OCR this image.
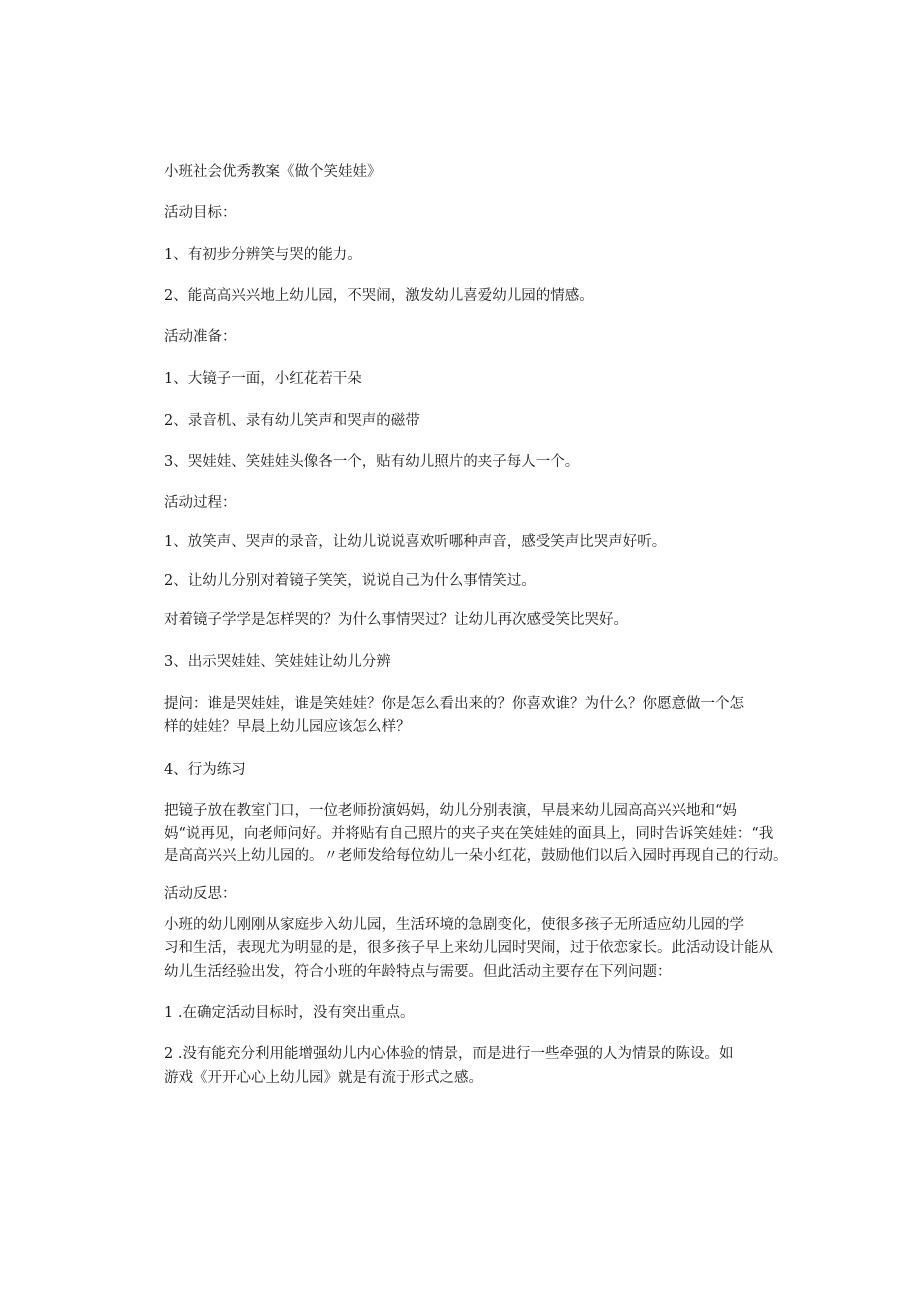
小班社会优秀教案《做个笑娃娃》
活动目标：
1、有初步分辨笑与哭的能力。
2、能高高兴兴地上幼儿园，不哭闹，激发幼儿喜爱幼儿园的情感。
活动准备：
1、大镜子一面，小红花若干朵
2、录音机、录有幼儿笑声和哭声的磁带
3、哭娃娃、笑娃娃头像各一个，贴有幼儿照片的夹子每人一个。
活动过程：
1、放笑声、哭声的录音，让幼儿说说喜欢听哪种声音，感受笑声比哭声好听。
2、让幼儿分别对着镜子笑笑，说说自己为什么事情笑过。
对着镜子学学是怎样哭的？为什么事情哭过？让幼儿再次感受笑比哭好。
3、出示哭娃娃、笑娃娃让幼儿分辨
提问：谁是哭娃娃，谁是笑娃娃？你是怎么看出来的？你喜欢谁？为什么？你愿意做一个怎
样的娃娃？早晨上幼儿园应该怎么样？
4、行为练习
把镜子放在教室门口，一位老师扮演妈妈，幼儿分别表演，早晨来幼儿园高高兴兴地和“妈
妈“说再见，向老师问好。并将贴有自己照片的夹子夹在笑娃娃的面具上，同时告诉笑娃娃：“我
是高高兴兴上幼儿园的。〃老师发给每位幼儿一朵小红花，鼓励他们以后入园时再现自己的行动。
活动反思：
小班的幼儿刚刚从家庭步入幼儿园，生活环境的急剧变化，使很多孩子无所适应幼儿园的学
习和生活，表现尤为明显的是，很多孩子早上来幼儿园时哭闹，过于依恋家长。此活动设计能从
幼儿生活经验出发，符合小班的年龄特点与需要。但此活动主要存在下列问题：
1 .在确定活动目标时，没有突出重点。
2 .没有能充分利用能增强幼儿内心体验的情景，而是进行一些牵强的人为情景的陈设。如
游戏《开开心心上幼儿园》就是有流于形式之感。
